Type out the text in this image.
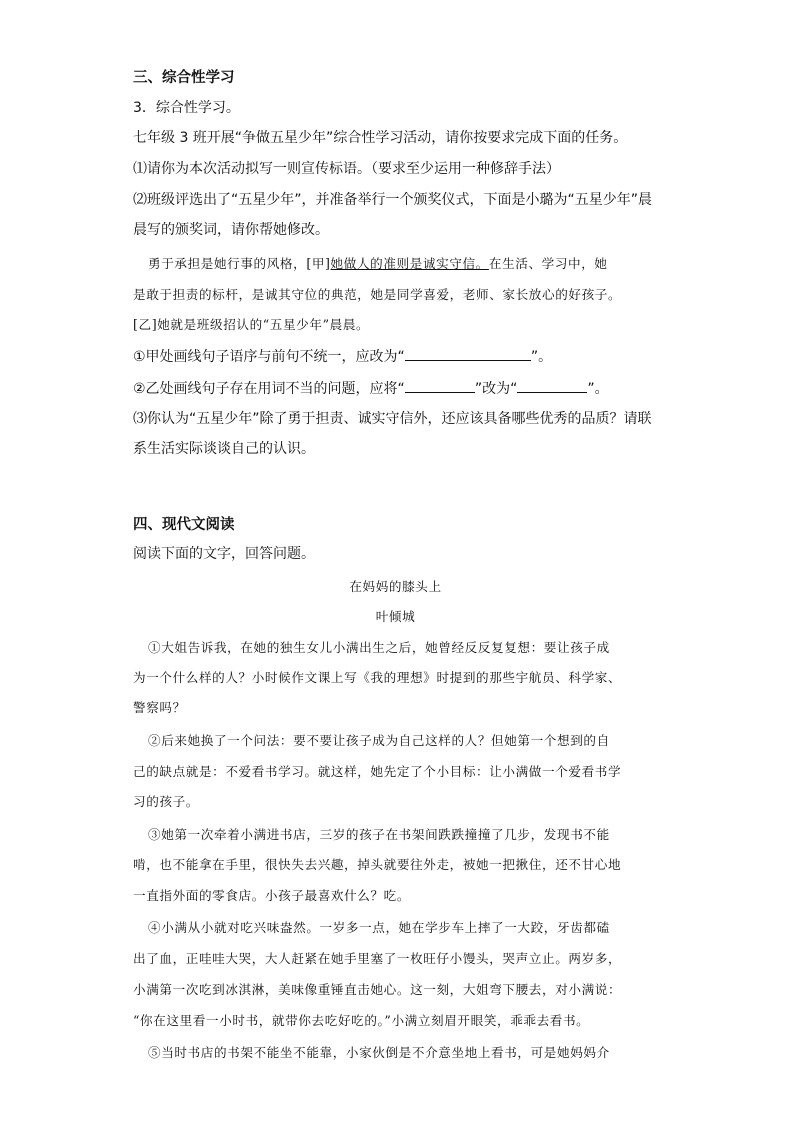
三、综合性学习
3．综合性学习。
七年级 3 班开展“争做五星少年”综合性学习活动，请你按要求完成下面的任务。
⑴请你为本次活动拟写一则宣传标语。（要求至少运用一种修辞手法）
⑵班级评选出了“五星少年”，并准备举行一个颁奖仪式，下面是小璐为“五星少年”晨
晨写的颁奖词，请你帮她修改。
勇于承担是她行事的风格，[甲]她做人的准则是诚实守信。在生活、学习中，她
是敢于担责的标杆，是诚其守位的典范，她是同学喜爱，老师、家长放心的好孩子。
[乙]她就是班级招认的“五星少年”晨晨。
①甲处画线句子语序与前句不统一，应改为“	”。
②乙处画线句子存在用词不当的问题，应将“	”改为“	”。
⑶你认为“五星少年”除了勇于担责、诚实守信外，还应该具备哪些优秀的品质？请联
系生活实际谈谈自己的认识。
四、现代文阅读
阅读下面的文字，回答问题。
在妈妈的膝头上
叶倾城
①大姐告诉我，在她的独生女儿小满出生之后，她曾经反反复复想：要让孩子成
为一个什么样的人？小时候作文课上写《我的理想》时提到的那些宇航员、科学家、
警察吗？
②后来她换了一个问法：要不要让孩子成为自己这样的人？但她第一个想到的自
己的缺点就是：不爱看书学习。就这样，她先定了个小目标：让小满做一个爱看书学
习的孩子。
③她第一次牵着小满进书店，三岁的孩子在书架间跌跌撞撞了几步，发现书不能
啃，也不能拿在手里，很快失去兴趣，掉头就要往外走，被她一把揪住，还不甘心地
一直指外面的零食店。小孩子最喜欢什么？吃。
④小满从小就对吃兴味盎然。一岁多一点，她在学步车上摔了一大跤，牙齿都磕
出了血，正哇哇大哭，大人赶紧在她手里塞了一枚旺仔小馒头，哭声立止。两岁多，
小满第一次吃到冰淇淋，美味像重锤直击她心。这一刻，大姐弯下腰去，对小满说：
“你在这里看一小时书，就带你去吃好吃的。”小满立刻眉开眼笑，乖乖去看书。
⑤当时书店的书架不能坐不能靠，小家伙倒是不介意坐地上看书，可是她妈妈介
